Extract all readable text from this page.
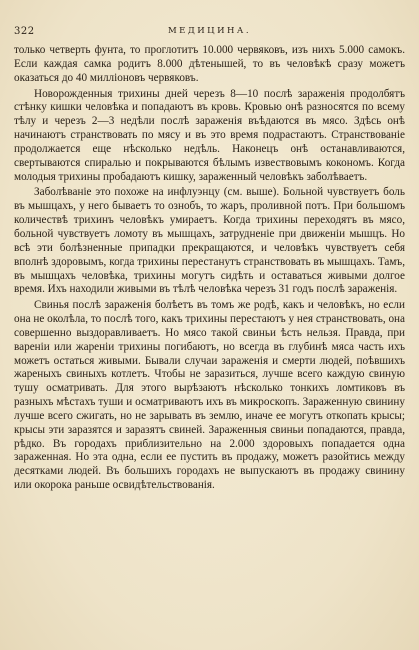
322	МЕДИЦИНА.

только четверть фунта, то проглотитъ 10.000 червяковъ, изъ нихъ 5.000 самокъ. Если каждая самка родитъ 8.000 дѣтенышей, то въ человѣкѣ сразу можетъ оказаться до 40 миллiоновъ червяковъ.

Новорожденныя трихины дней черезъ 8—10 послѣ зараженiя продолбятъ стѣнку кишки человѣка и попадаютъ въ кровь. Кровью онѣ разносятся по всему тѣлу и черезъ 2—3 недѣли послѣ зараженiя въѣдаются въ мясо. Здѣсь онѣ начинаютъ странствовать по мясу и въ это время подрастаютъ. Странствованiе продолжается еще нѣсколько недѣль. Наконецъ онѣ останавливаются, свертываются спиралью и покрываются бѣлымъ извествовымъ кокономъ. Когда молодыя трихины пробадаютъ кишку, зараженный человѣкъ заболѣваетъ.

Заболѣванiе это похоже на инфлуэнцу (см. выше). Больной чувствуетъ боль въ мышцахъ, у него бываетъ то ознобъ, то жаръ, проливной потъ. При большомъ количествѣ трихинъ человѣкъ умираетъ. Когда трихины переходятъ въ мясо, больной чувствуетъ ломоту въ мышцахъ, затрудненiе при движенiи мышцъ. Но всѣ эти болѣзненные припадки прекращаются, и человѣкъ чувствуетъ себя вполнѣ здоровымъ, когда трихины перестанутъ странствовать въ мышцахъ. Тамъ, въ мышцахъ человѣка, трихины могутъ сидѣть и оставаться живыми долгое время. Ихъ находили живыми въ тѣлѣ человѣка черезъ 31 годъ послѣ зараженiя.

Свинья послѣ зараженiя болѣетъ въ томъ же родѣ, какъ и человѣкъ, но если она не околѣла, то послѣ того, какъ трихины перестаютъ у нея странствовать, она совершенно выздоравливаетъ. Но мясо такой свиньи ѣсть нельзя. Правда, при варенiи или жаренiи трихины погибаютъ, но всегда въ глубинѣ мяса часть ихъ можетъ остаться живыми. Бывали случаи зараженiя и смерти людей, поѣвшихъ жареныхъ свиныхъ котлетъ. Чтобы не заразиться, лучше всего каждую свиную тушу осматривать. Для этого вырѣзаютъ нѣсколько тонкихъ ломтиковъ въ разныхъ мѣстахъ туши и осматриваютъ ихъ въ микроскопъ. Зараженную свинину лучше всего сжигать, но не зарывать въ землю, иначе ее могутъ откопать крысы; крысы эти заразятся и заразятъ свиней. Зараженныя свиньи попадаются, правда, рѣдко. Въ городахъ приблизительно на 2.000 здоровыхъ попадается одна зараженная. Но эта одна, если ее пустить въ продажу, можетъ разойтись между десятками людей. Въ большихъ городахъ не выпускаютъ въ продажу свинину или окорока раньше освидѣтельствованiя.
